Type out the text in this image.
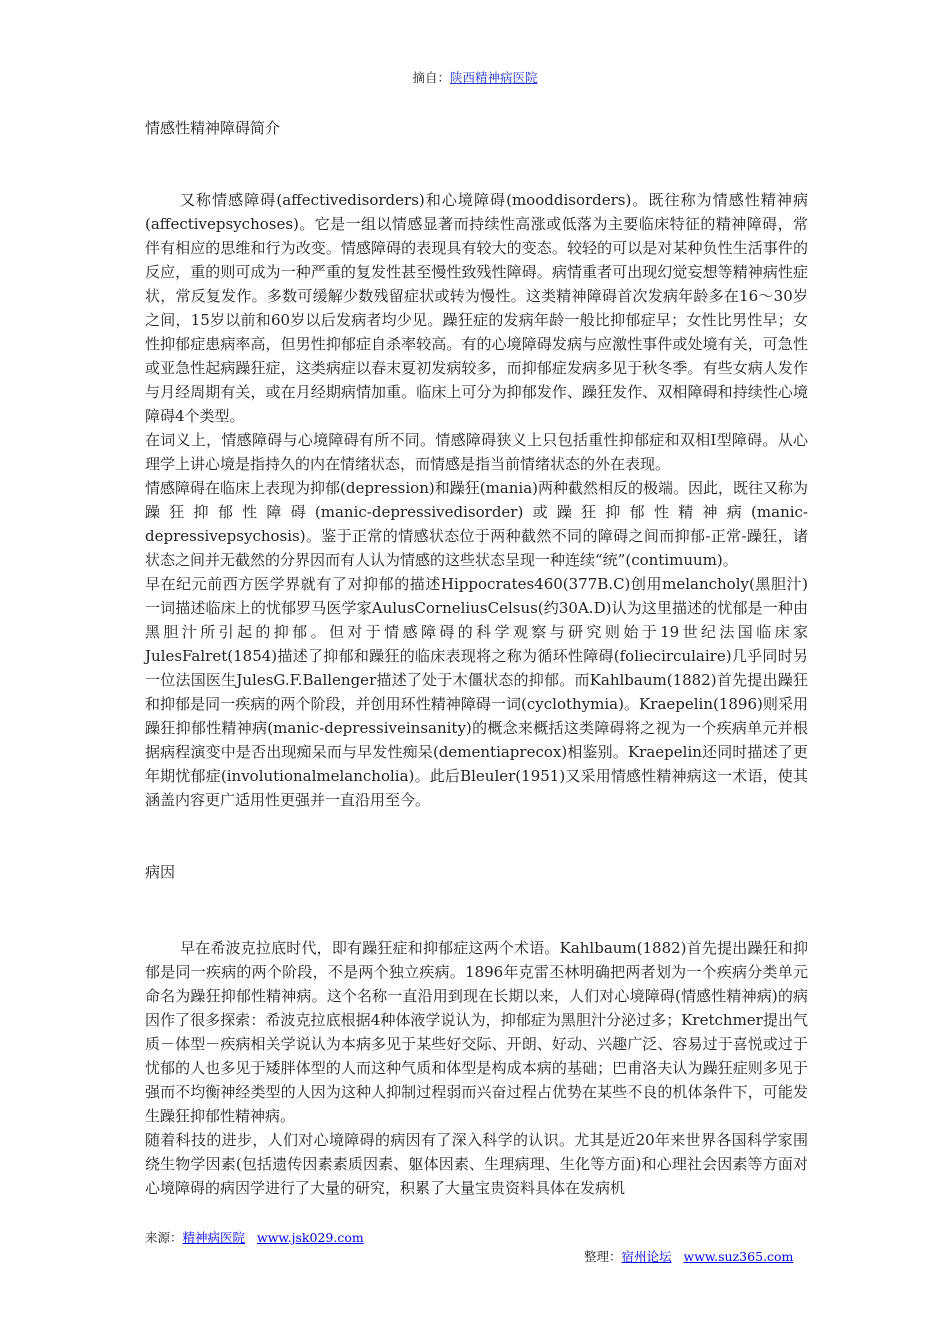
摘自：陕西精神病医院
情感性精神障碍简介

又称情感障碍(affectivedisorders)和心境障碍(mooddisorders)。既往称为情感性精神病(affectivepsychoses)。它是一组以情感显著而持续性高涨或低落为主要临床特征的精神障碍，常伴有相应的思维和行为改变。情感障碍的表现具有较大的变态。较轻的可以是对某种负性生活事件的反应，重的则可成为一种严重的复发性甚至慢性致残性障碍。病情重者可出现幻觉妄想等精神病性症状，常反复发作。多数可缓解少数残留症状或转为慢性。这类精神障碍首次发病年龄多在16～30岁之间，15岁以前和60岁以后发病者均少见。躁狂症的发病年龄一般比抑郁症早；女性比男性早；女性抑郁症患病率高，但男性抑郁症自杀率较高。有的心境障碍发病与应激性事件或处境有关，可急性或亚急性起病躁狂症，这类病症以春末夏初发病较多，而抑郁症发病多见于秋冬季。有些女病人发作与月经周期有关，或在月经期病情加重。临床上可分为抑郁发作、躁狂发作、双相障碍和持续性心境障碍4个类型。

在词义上，情感障碍与心境障碍有所不同。情感障碍狭义上只包括重性抑郁症和双相I型障碍。从心理学上讲心境是指持久的内在情绪状态，而情感是指当前情绪状态的外在表现。

情感障碍在临床上表现为抑郁(depression)和躁狂(mania)两种截然相反的极端。因此，既往又称为躁狂抑郁性障碍(manic-depressivedisorder)或躁狂抑郁性精神病(manic-depressivepsychosis)。鉴于正常的情感状态位于两种截然不同的障碍之间而抑郁-正常-躁狂，诸状态之间并无截然的分界因而有人认为情感的这些状态呈现一种连续“统”(contimuum)。

早在纪元前西方医学界就有了对抑郁的描述Hippocrates460(377B.C)创用melancholy(黑胆汁)一词描述临床上的忧郁罗马医学家AulusCorneliusCelsus(约30A.D)认为这里描述的忧郁是一种由黑胆汁所引起的抑郁。但对于情感障碍的科学观察与研究则始于19世纪法国临床家JulesFalret(1854)描述了抑郁和躁狂的临床表现将之称为循环性障碍(foliecirculaire)几乎同时另一位法国医生JulesG.F.Ballenger描述了处于木僵状态的抑郁。而Kahlbaum(1882)首先提出躁狂和抑郁是同一疾病的两个阶段，并创用环性精神障碍一词(cyclothymia)。Kraepelin(1896)则采用躁狂抑郁性精神病(manic-depressiveinsanity)的概念来概括这类障碍将之视为一个疾病单元并根据病程演变中是否出现痴呆而与早发性痴呆(dementiaprecox)相鉴别。Kraepelin还同时描述了更年期忧郁症(involutionalmelancholia)。此后Bleuler(1951)又采用情感性精神病这一术语，使其涵盖内容更广适用性更强并一直沿用至今。

病因

早在希波克拉底时代，即有躁狂症和抑郁症这两个术语。Kahlbaum(1882)首先提出躁狂和抑郁是同一疾病的两个阶段，不是两个独立疾病。1896年克雷丕林明确把两者划为一个疾病分类单元命名为躁狂抑郁性精神病。这个名称一直沿用到现在长期以来，人们对心境障碍(情感性精神病)的病因作了很多探索：希波克拉底根据4种体液学说认为，抑郁症为黑胆汁分泌过多；Kretchmer提出气质－体型－疾病相关学说认为本病多见于某些好交际、开朗、好动、兴趣广泛、容易过于喜悦或过于忧郁的人也多见于矮胖体型的人而这种气质和体型是构成本病的基础；巴甫洛夫认为躁狂症则多见于强而不均衡神经类型的人因为这种人抑制过程弱而兴奋过程占优势在某些不良的机体条件下，可能发生躁狂抑郁性精神病。

随着科技的进步，人们对心境障碍的病因有了深入科学的认识。尤其是近20年来世界各国科学家围绕生物学因素(包括遗传因素素质因素、躯体因素、生理病理、生化等方面)和心理社会因素等方面对心境障碍的病因学进行了大量的研究，积累了大量宝贵资料具体在发病机

来源：精神病医院 www.jsk029.com
整理：宿州论坛 www.suz365.com
